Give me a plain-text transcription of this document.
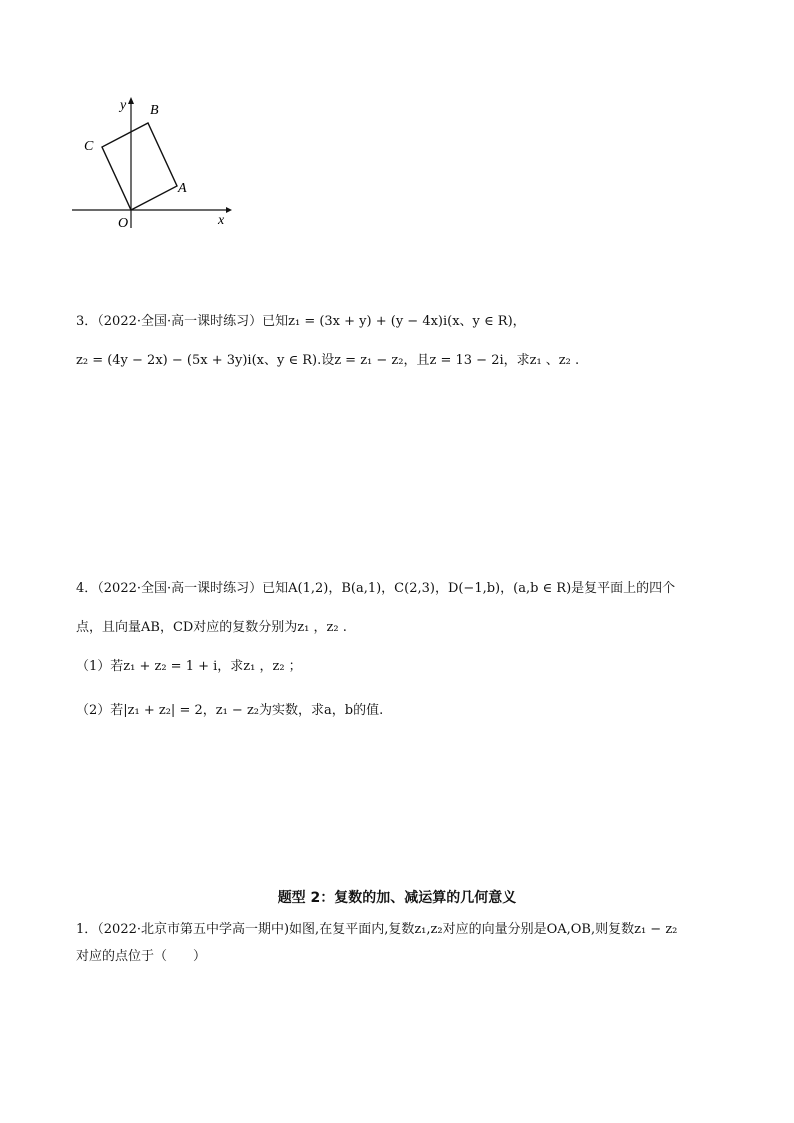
y B
C
A
O	x
3．（2022·全国·高一课时练习）已知z₁ = (3x + y) + (y − 4x)i(x、y ∈ R)，
z₂ = (4y − 2x) − (5x + 3y)i(x、y ∈ R).设z = z₁ − z₂，且z = 13 − 2i，求z₁ 、z₂ .
4．（2022·全国·高一课时练习）已知A(1,2)，B(a,1)，C(2,3)，D(−1,b)，(a,b ∈ R)是复平面上的四个
点，且向量AB，CD对应的复数分别为z₁ ，z₂ .
（1）若z₁ + z₂ = 1 + i，求z₁ ，z₂ ；
（2）若|z₁ + z₂| = 2，z₁ − z₂为实数，求a，b的值.
题型 2：复数的加、减运算的几何意义
1．（2022·北京市第五中学高一期中)如图,在复平面内,复数z₁,z₂对应的向量分别是OA,OB,则复数z₁ − z₂
对应的点位于（　　）
